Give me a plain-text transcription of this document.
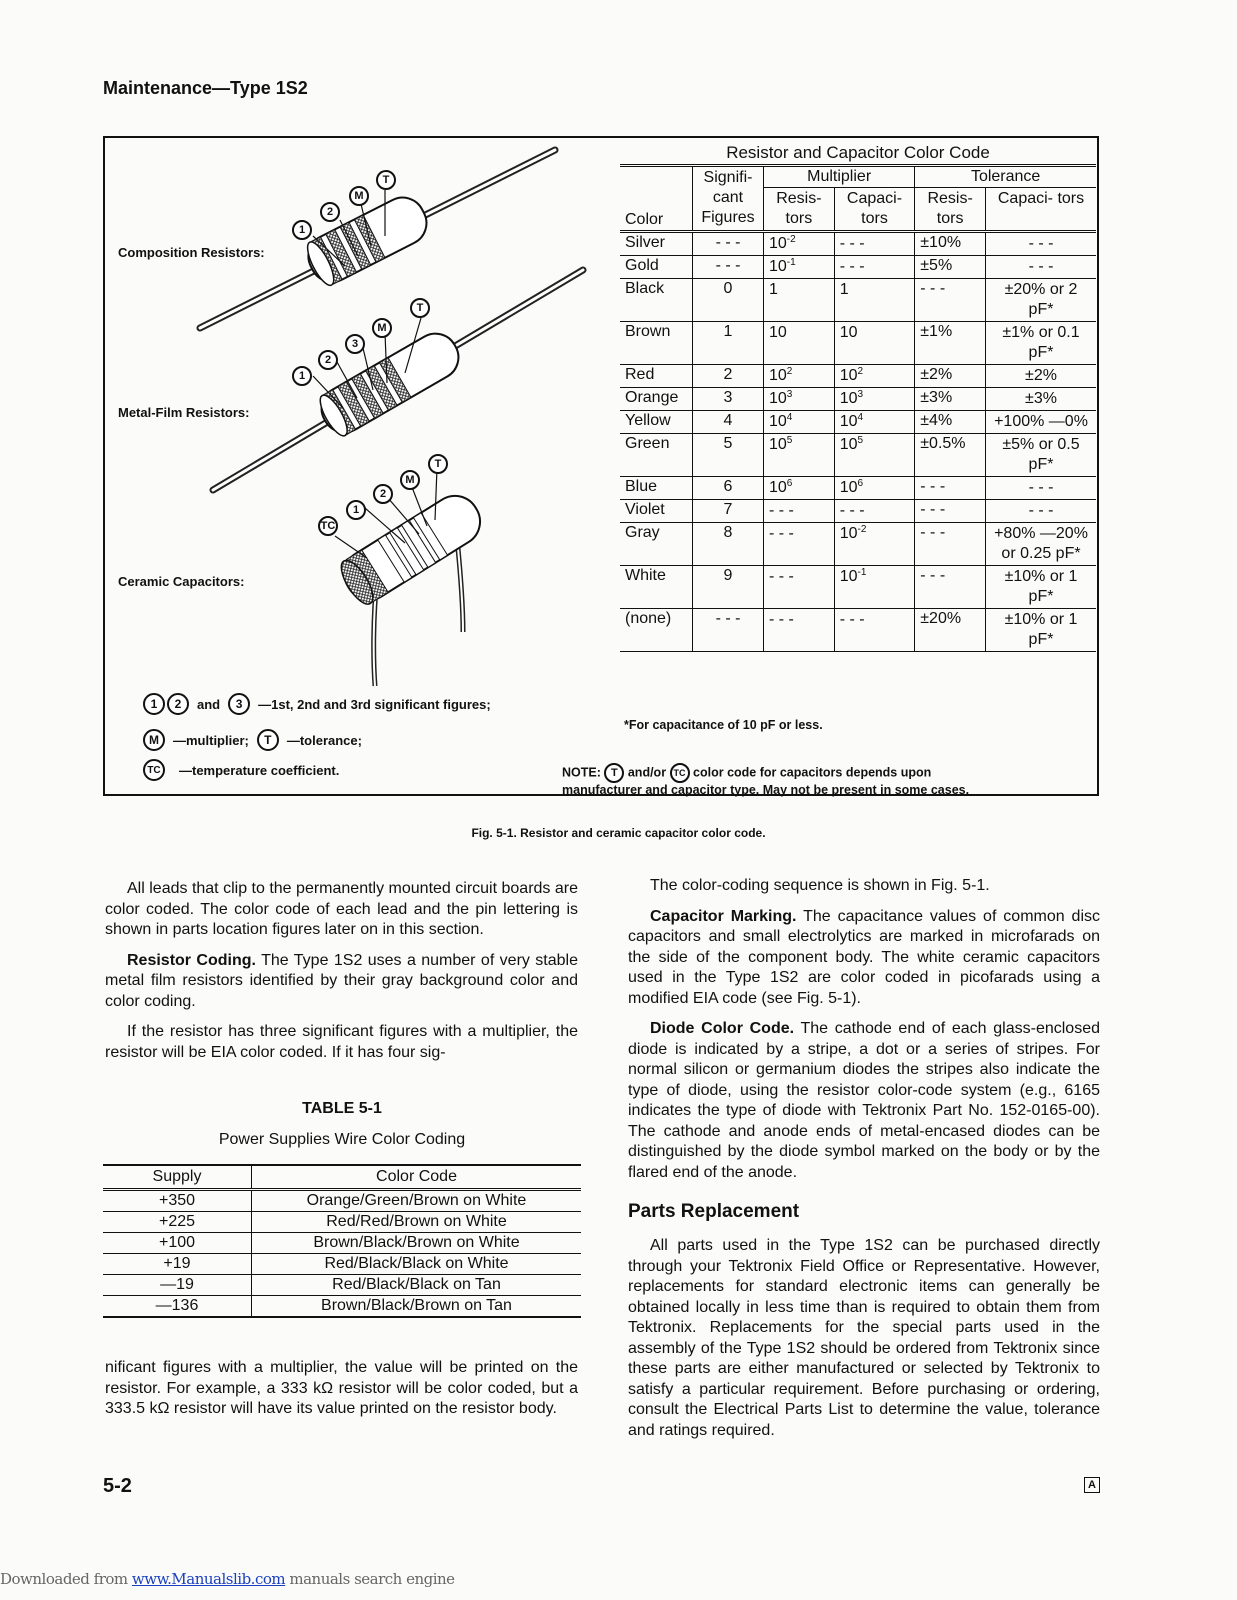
Maintenance—Type 1S2
1
2
M
T
1
2
3
M
T
TC
1
2
M
T
Composition Resistors:
Metal-Film Resistors:
Ceramic Capacitors:
1	2	and	3	—1st, 2nd and 3rd significant figures;
M	—multiplier;	T	—tolerance;
TC	—temperature coefficient.
Resistor and Capacitor Color Code					
Color	Signifi- cant Figures	Multiplier		Tolerance	
		Resis- tors	Capaci- tors	Resis- tors	Capaci- tors
Silver	- - -	$10^{-2}$	- - -	±10%	- - -
Gold	- - -	$10^{-1}$	- - -	±5%	- - -
Black	0	1	1	- - -	±20% or 2 pF*
Brown	1	10	10	±1%	±1% or 0.1 pF*
Red	2	$10^2$	$10^2$	±2%	±2%
Orange	3	$10^3$	$10^3$	±3%	±3%
Yellow	4	$10^4$	$10^4$	±4%	+100% —0%
Green	5	$10^5$	$10^5$	±0.5%	±5% or 0.5 pF*
Blue	6	$10^6$	$10^6$	- - -	- - -
Violet	7	- - -	- - -	- - -	- - -
Gray	8	- - -	$10^{-2}$	- - -	+80% —20% or 0.25 pF*
White	9	- - -	$10^{-1}$	- - -	±10% or 1 pF*
(none)	- - -	- - -	- - -	±20%	±10% or 1 pF*
*For capacitance of 10 pF or less.
NOTE: T and/or TC color code for capacitors depends upon
manufacturer and capacitor type. May not be present in some cases.
Fig. 5-1. Resistor and ceramic capacitor color code.

All leads that clip to the permanently mounted circuit boards are color coded. The color code of each lead and the pin lettering is shown in parts location figures later on in this section.

Resistor Coding. The Type 1S2 uses a number of very stable metal film resistors identified by their gray background color and color coding.

If the resistor has three significant figures with a multiplier, the resistor will be EIA color coded. If it has four sig-

TABLE 5-1
Power Supplies Wire Color Coding
Supply	Color Code
+350	Orange/Green/Brown on White
+225	Red/Red/Brown on White
+100	Brown/Black/Brown on White
+19	Red/Black/Black on White
—19	Red/Black/Black on Tan
—136	Brown/Black/Brown on Tan

nificant figures with a multiplier, the value will be printed on the resistor. For example, a 333 kΩ resistor will be color coded, but a 333.5 kΩ resistor will have its value printed on the resistor body.

The color-coding sequence is shown in Fig. 5-1.

Capacitor Marking. The capacitance values of common disc capacitors and small electrolytics are marked in microfarads on the side of the component body. The white ceramic capacitors used in the Type 1S2 are color coded in picofarads using a modified EIA code (see Fig. 5-1).

Diode Color Code. The cathode end of each glass-enclosed diode is indicated by a stripe, a dot or a series of stripes. For normal silicon or germanium diodes the stripes also indicate the type of diode, using the resistor color-code system (e.g., 6165 indicates the type of diode with Tektronix Part No. 152-0165-00). The cathode and anode ends of metal-encased diodes can be distinguished by the diode symbol marked on the body or by the flared end of the anode.

Parts Replacement

All parts used in the Type 1S2 can be purchased directly through your Tektronix Field Office or Representative. However, replacements for standard electronic items can generally be obtained locally in less time than is required to obtain them from Tektronix. Replacements for the special parts used in the assembly of the Type 1S2 should be ordered from Tektronix since these parts are either manufactured or selected by Tektronix to satisfy a particular requirement. Before purchasing or ordering, consult the Electrical Parts List to determine the value, tolerance and ratings required.

5-2	A
Downloaded from www.Manualslib.com manuals search engine
